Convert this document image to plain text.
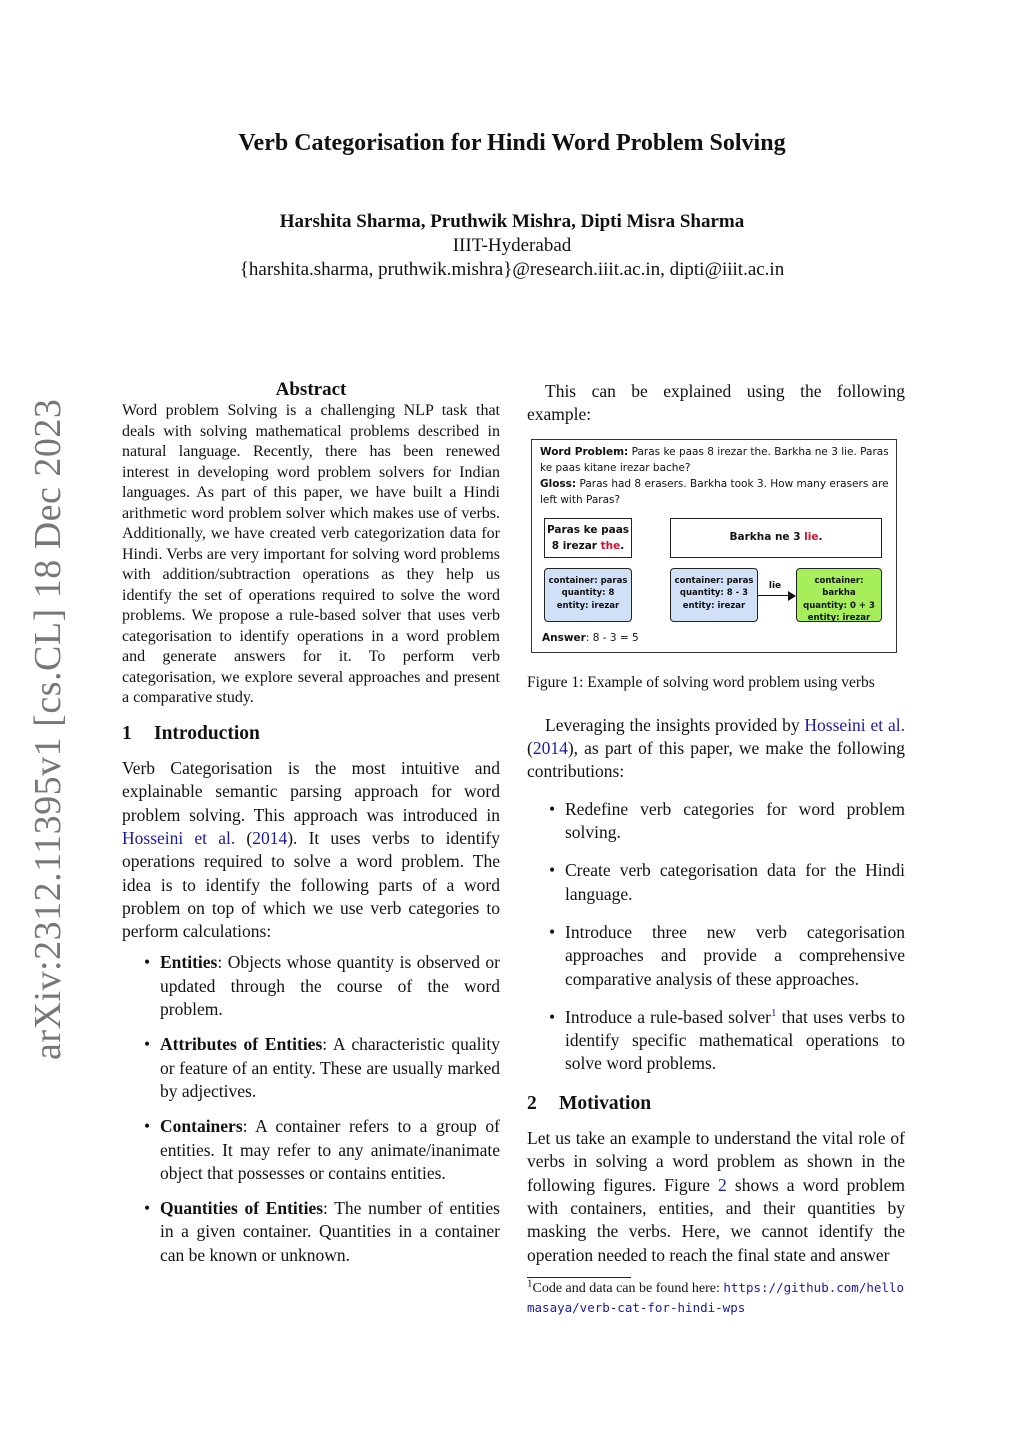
Verb Categorisation for Hindi Word Problem Solving
Harshita Sharma, Pruthwik Mishra, Dipti Misra Sharma
IIIT-Hyderabad
{harshita.sharma, pruthwik.mishra}@research.iiit.ac.in, dipti@iiit.ac.in
arXiv:2312.11395v1 [cs.CL] 18 Dec 2023
Abstract

Word problem Solving is a challenging NLP task that deals with solving mathematical problems described in natural language. Recently, there has been renewed interest in developing word problem solvers for Indian languages. As part of this paper, we have built a Hindi arithmetic word problem solver which makes use of verbs. Additionally, we have created verb categorization data for Hindi. Verbs are very important for solving word problems with addition/subtraction operations as they help us identify the set of operations required to solve the word problems. We propose a rule-based solver that uses verb categorisation to identify operations in a word problem and generate answers for it. To perform verb categorisation, we explore several approaches and present a comparative study.

1 Introduction

Verb Categorisation is the most intuitive and explainable semantic parsing approach for word problem solving. This approach was introduced in Hosseini et al. (2014). It uses verbs to identify operations required to solve a word problem. The idea is to identify the following parts of a word problem on top of which we use verb categories to perform calculations:

• Entities: Objects whose quantity is observed or updated through the course of the word problem.
• Attributes of Entities: A characteristic quality or feature of an entity. These are usually marked by adjectives.
• Containers: A container refers to a group of entities. It may refer to any animate/inanimate object that possesses or contains entities.
• Quantities of Entities: The number of entities in a given container. Quantities in a container can be known or unknown.

This can be explained using the following example:

Word Problem: Paras ke paas 8 irezar the. Barkha ne 3 lie. Paras ke paas kitane irezar bache?
Gloss: Paras had 8 erasers. Barkha took 3. How many erasers are left with Paras?
Paras ke paas
8 irezar the.
Barkha ne 3 lie.
container: paras
quantity: 8
entity: irezar
container: paras
quantity: 8 - 3
entity: irezar
lie	container: barkha
quantity: 0 + 3
entity: irezar
Answer: 8 - 3 = 5
Figure 1: Example of solving word problem using verbs

Leveraging the insights provided by Hosseini et al. (2014), as part of this paper, we make the following contributions:

• Redefine verb categories for word problem solving.
• Create verb categorisation data for the Hindi language.
• Introduce three new verb categorisation approaches and provide a comprehensive comparative analysis of these approaches.
• Introduce a rule-based solver$^1$ that uses verbs to identify specific mathematical operations to solve word problems.
2 Motivation

Let us take an example to understand the vital role of verbs in solving a word problem as shown in the following figures. Figure 2 shows a word problem with containers, entities, and their quantities by masking the verbs. Here, we cannot identify the operation needed to reach the final state and answer

$^1$Code and data can be found here: https://github.com/hellomasaya/verb-cat-for-hindi-wps
